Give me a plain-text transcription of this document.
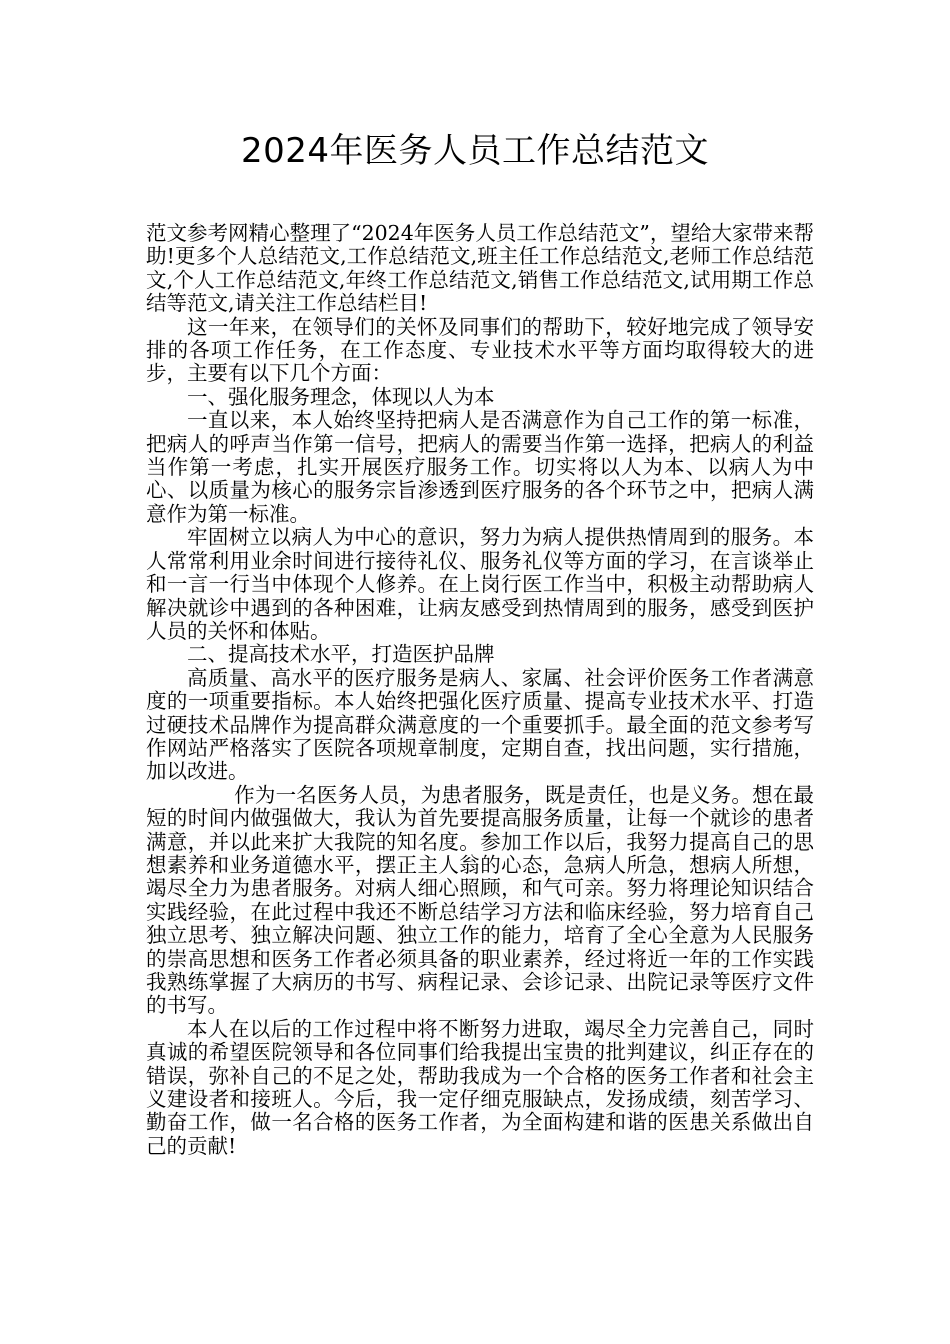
2024年医务人员工作总结范文

范文参考网精心整理了“2024年医务人员工作总结范文”，望给大家带来帮助!更多个人总结范文,工作总结范文,班主任工作总结范文,老师工作总结范文,个人工作总结范文,年终工作总结范文,销售工作总结范文,试用期工作总结等范文,请关注工作总结栏目!

这一年来，在领导们的关怀及同事们的帮助下，较好地完成了领导安排的各项工作任务，在工作态度、专业技术水平等方面均取得较大的进步，主要有以下几个方面：

一、强化服务理念，体现以人为本

一直以来，本人始终坚持把病人是否满意作为自己工作的第一标准，把病人的呼声当作第一信号，把病人的需要当作第一选择，把病人的利益当作第一考虑，扎实开展医疗服务工作。切实将以人为本、以病人为中心、以质量为核心的服务宗旨渗透到医疗服务的各个环节之中，把病人满意作为第一标准。

牢固树立以病人为中心的意识，努力为病人提供热情周到的服务。本人常常利用业余时间进行接待礼仪、服务礼仪等方面的学习，在言谈举止和一言一行当中体现个人修养。在上岗行医工作当中，积极主动帮助病人解决就诊中遇到的各种困难，让病友感受到热情周到的服务，感受到医护人员的关怀和体贴。

二、提高技术水平，打造医护品牌

高质量、高水平的医疗服务是病人、家属、社会评价医务工作者满意度的一项重要指标。本人始终把强化医疗质量、提高专业技术水平、打造过硬技术品牌作为提高群众满意度的一个重要抓手。最全面的范文参考写作网站严格落实了医院各项规章制度，定期自查，找出问题，实行措施，加以改进。

作为一名医务人员，为患者服务，既是责任，也是义务。想在最短的时间内做强做大，我认为首先要提高服务质量，让每一个就诊的患者满意，并以此来扩大我院的知名度。参加工作以后，我努力提高自己的思想素养和业务道德水平，摆正主人翁的心态，急病人所急，想病人所想，竭尽全力为患者服务。对病人细心照顾，和气可亲。努力将理论知识结合实践经验，在此过程中我还不断总结学习方法和临床经验，努力培育自己独立思考、独立解决问题、独立工作的能力，培育了全心全意为人民服务的崇高思想和医务工作者必须具备的职业素养，经过将近一年的工作实践我熟练掌握了大病历的书写、病程记录、会诊记录、出院记录等医疗文件的书写。

本人在以后的工作过程中将不断努力进取，竭尽全力完善自己，同时真诚的希望医院领导和各位同事们给我提出宝贵的批判建议，纠正存在的错误，弥补自己的不足之处，帮助我成为一个合格的医务工作者和社会主义建设者和接班人。今后，我一定仔细克服缺点，发扬成绩，刻苦学习、勤奋工作，做一名合格的医务工作者，为全面构建和谐的医患关系做出自己的贡献!
